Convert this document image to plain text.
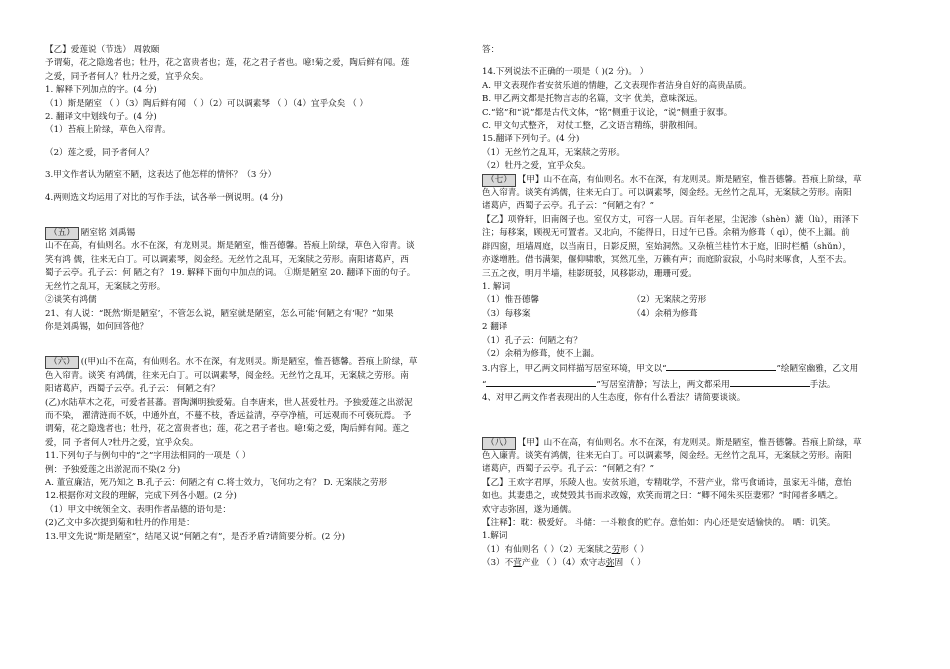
【乙】爱莲说（节选） 周敦颐
予谓菊，花之隐逸者也；牡丹，花之富贵者也；莲，花之君子者也。噫!菊之爱，陶后鲜有闻。莲
之爱，同予者何人？牡丹之爱，宜乎众矣。
1. 解释下列加点的字。(4 分)
（1）斯是陋室 （ ）（3）陶后鲜有闻 （ ）（2）可以调素琴 （ ）（4）宜乎众矣 （ ）
2. 翻译文中划线句子。(4 分)
（1）苔痕上阶绿，草色入帘青。
（2）莲之爱，同予者何人？
3.甲文作者认为陋室不陋，这表达了他怎样的情怀？（3 分）
4.两则选文均运用了对比的写作手法，试各举一例说明。(4 分)
（五） 陋室铭 刘禹锡
山不在高，有仙则名。水不在深，有龙则灵。斯是陋室，惟吾德馨。苔痕上阶绿，草色入帘青。谈
笑有鸿 儒，往来无白丁。可以调素琴，阅金经。无丝竹之乱耳，无案牍之劳形。南阳诸葛庐，西
蜀子云亭。孔子云：何 陋之有？ 19. 解释下面句中加点的词。 ①斯是陋室 20. 翻译下面的句子。
无丝竹之乱耳，无案牍之劳形。
②谈笑有鸿儒
21、有人说：“既然‘斯是陋室’，不管怎么说，陋室就是陋室，怎么可能‘何陋之有’呢？”如果
你是刘禹锡，如何回答他？
（六） ((甲)山不在高，有仙则名。水不在深，有龙则灵。斯是陋室，惟吾德馨。苔痕上阶绿，草
色入帘青。谈笑 有鸿儒，往来无白丁。可以调素琴，阅金经。无丝竹之乱耳，无案牍之劳形。南
阳诸葛庐，西蜀子云亭。孔子云： 何陋之有？
(乙)水陆草木之花，可爱者甚蕃。晋陶渊明独爱菊。自李唐来，世人甚爱牡丹。予独爱莲之出淤泥
而不染， 濯清涟而不妖，中通外直，不蔓不枝，香远益清，亭亭净植，可远观而不可亵玩焉。 予
谓菊，花之隐逸者也；牡丹，花之富贵者也；莲，花之君子者也。噫!菊之爱，陶后鲜有闻。莲之
爱，同 予者何人?牡丹之爱，宜乎众矣。
11.下列句子与例句中的“之”字用法相同的一项是（ ）
例：予独爱莲之出淤泥而不染(2 分)
A. 董宣廉洁，死乃知之 B.孔子云：何陋之有 C.将士效力，飞何功之有？ D. 无案牍之劳形
12.根据你对文段的理解，完成下列各小题。(2 分)
（1）甲文中统领全文、表明作者品德的语句是：
(2)乙文中多次提到菊和牡丹的作用是：
13.甲文先说“斯是陋室”，结尾又说“何陋之有”，是否矛盾?请简要分析。(2 分)
答：
14.下列说法不正确的一项是（ )(2 分)。 ）
A. 甲文表现作者安贫乐道的情趣，乙文表现作者洁身自好的高贵品质。
B. 甲乙两文都是托物言志的名篇，文字 优美，意味深远。
C.“铭”和“说”都是古代文体，“铭”侧重于议论，“说”侧重于叙事。
C. 甲文句式整齐， 对仗工整，乙文语言精练，骈散相间。
15.翻译下列句子。(4 分)
（1）无丝竹之乱耳，无案牍之劳形。
（2）牡丹之爱，宜乎众矣。
（七） 【甲】山不在高，有仙则名。水不在深，有龙则灵。斯是陋室，惟吾德馨。苔痕上阶绿，草
色入帘青。谈笑有鸿儒，往来无白丁。可以调素琴，阅金经。无丝竹之乱耳，无案牍之劳形。南阳
诸葛庐，西蜀子云亭。孔子云：“何陋之有？”
【乙】项脊轩，旧南阁子也。室仅方丈，可容一人居。百年老屋，尘泥渗（shèn）漉（lù），雨泽下
注；每移案，顾视无可置者。又北向，不能得日，日过午已昏。余稍为修葺（ qì），使不上漏。前
辟四窗，垣墙周庭，以当南日，日影反照，室始洞然。又杂植兰桂竹木于庭，旧时栏楯（shǔn），
亦遂增胜。借书满架，偃仰啸歌，冥然兀坐，万籁有声；而庭阶寂寂，小鸟时来啄食，人至不去。
三五之夜，明月半墙，桂影斑驳，风移影动，珊珊可爱。
1. 解词
（1）惟吾德馨	（2）无案牍之劳形
（3）每移案	（4）余稍为修葺
2 翻译
（1）孔子云：何陋之有？
（2）余稍为修葺，使不上漏。
3.内容上，甲乙两文同样描写居室环境，甲文以“	”绘陋室幽雅，乙文用
“	”写居室清静；写法上，两文都采用	手法。
4、对甲乙两文作者表现出的人生态度，你有什么看法？请简要谈谈。
（八） 【甲】山不在高，有仙则名。水不在深，有龙则灵。斯是陋室，惟吾德馨。苔痕上阶绿，草
色入廉青。谈笑有鸿儒，往来无白丁。可以调素琴，阅金经。无丝竹之乱耳，无案牍之劳形。南阳
诸葛庐，西蜀子云亭。孔子云：“何陋之有？”
【乙】王欢字君厚，乐陵人也。安贫乐道，专精耽学，不营产业，常丐食诵诗，虽家无斗储，意怡
如也。其妻患之，或焚毁其书而求改嫁，欢笑而谓之曰：“卿不闻朱买臣妻邪？”时闻者多哂之。
欢守志弥固，遂为通儒。
【注释】：耽：极爱好。 斗储：一斗粮食的贮存。意怡如：内心还是安适愉快的。 哂：讥笑。
1.解词
（1）有仙则名（ ）（2）无案牍之劳形（ ）
（3）不营产业 （ ）（4）欢守志弥固 （ ）
